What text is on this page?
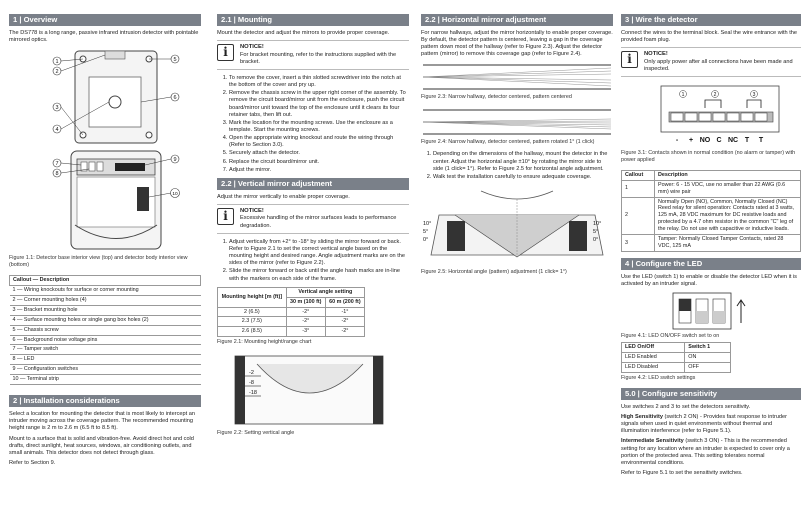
1 | Overview

The DS778 is a long range, passive infrared intrusion detector with pointable mirrored optics.

1
2
3
4
5
6
7
8
9
10
Figure 1.1: Detector base interior view (top) and detector body interior view (bottom)
Callout — Description
1 — Wiring knockouts for surface or corner mounting
2 — Corner mounting holes (4)
3 — Bracket mounting hole
4 — Surface mounting holes or single gang box holes (2)
5 — Chassis screw
6 — Background noise voltage pins
7 — Tamper switch
8 — LED
9 — Configuration switches
10 — Terminal strip
2 | Installation considerations

Select a location for mounting the detector that is most likely to intercept an intruder moving across the coverage pattern. The recommended mounting height range is 2 m to 2.6 m (6.5 ft to 8.5 ft).

Mount to a surface that is solid and vibration-free. Avoid direct hot and cold drafts, direct sunlight, heat sources, windows, air conditioning outlets, and small animals. This detector does not detect through glass.

Refer to Section 9.

2.1 | Mounting

Mount the detector and adjust the mirrors to provide proper coverage.

i	NOTICE!
For bracket mounting, refer to the instructions supplied with the bracket.
1. To remove the cover, insert a thin slotted screwdriver into the notch at the bottom of the cover and pry up.
2. Remove the chassis screw in the upper right corner of the assembly. To remove the circuit board/mirror unit from the enclosure, push the circuit board/mirror unit toward the top of the enclosure until it clears its four retainer tabs, then lift out.
3. Mark the location for the mounting screws. Use the enclosure as a template. Start the mounting screws.
4. Open the appropriate wiring knockout and route the wiring through (Refer to Section 3.0).
5. Securely attach the detector.
6. Replace the circuit board/mirror unit.
7. Adjust the mirror.
2.2 | Vertical mirror adjustment

Adjust the mirror vertically to enable proper coverage.

i	NOTICE!
Excessive handling of the mirror surfaces leads to performance degradation.
1. Adjust vertically from +2° to -18° by sliding the mirror forward or back. Refer to Figure 2.1 to set the correct vertical angle based on the mounting height and desired range. Angle adjustment marks are on the sides of the mirror (refer to Figure 2.2).
2. Slide the mirror forward or back until the angle hash marks are in-line with the markers on each side of the frame.
Mounting height [m (ft)]	Vertical angle setting	
	30 m (100 ft)	60 m (200 ft)
2 (6.5)	-2°	-1°
2.3 (7.5)	-2°	-2°
2.6 (8.5)	-3°	-2°
Figure 2.1: Mounting height/range chart
-2
-8
-18
Figure 2.2: Setting vertical angle
2.2 | Horizontal mirror adjustment

For narrow hallways, adjust the mirror horizontally to enable proper coverage. By default, the detector pattern is centered, leaving a gap in the coverage pattern down most of the hallway (refer to Figure 2.3). Adjust the detector pattern (mirror) to remove this coverage gap (refer to Figure 2.4).

Figure 2.3: Narrow hallway, detector centered, pattern centered
Figure 2.4: Narrow hallway, detector centered, pattern rotated 1° (1 click)
1. Depending on the dimensions of the hallway, mount the detector in the center. Adjust the horizontal angle ±10° by rotating the mirror side to side (1 click= 1°). Refer to Figure 2.5 for horizontal angle adjustment.
2. Walk test the installation carefully to ensure adequate coverage.
10°
5°
0°
10°
5°
0°
Figure 2.5: Horizontal angle (pattern) adjustment (1 click= 1°)
3 | Wire the detector

Connect the wires to the terminal block. Seal the wire entrance with the provided foam plug.

i	NOTICE!
Only apply power after all connections have been made and inspected.
1	2	3
- + NO C NC T T
Figure 3.1: Contacts shown in normal condition (no alarm or tamper) with power applied
Callout	Description
1	Power: 6 - 15 VDC, use no smaller than 22 AWG (0.6 mm) wire pair
2	Normally Open (NO), Common, Normally Closed (NC) Reed relay for silent operation: Contacts rated at 3 watts, 125 mA, 28 VDC maximum for DC resistive loads and protected by a 4.7 ohm resistor in the common "C" leg of the relay. Do not use with capacitive or inductive loads.
3	Tamper: Normally Closed Tamper Contacts, rated 28 VDC, 125 mA
4 | Configure the LED

Use the LED (switch 1) to enable or disable the detector LED when it is activated by an intruder signal.

Figure 4.1: LED ON/OFF switch set to on
LED On/Off	Switch 1
LED Enabled	ON
LED Disabled	OFF
Figure 4.2: LED switch settings
5.0 | Configure sensitivity

Use switches 2 and 3 to set the detectors sensitivity.

High Sensitivity (switch 2 ON) - Provides fast response to intruder signals when used in quiet environments without thermal and illumination interference (refer to Figure 5.1).

Intermediate Sensitivity (switch 3 ON) - This is the recommended setting for any location where an intruder is expected to cover only a portion of the protected area. This setting tolerates normal environmental conditions.

Refer to Figure 5.1 to set the sensitivity switches.
